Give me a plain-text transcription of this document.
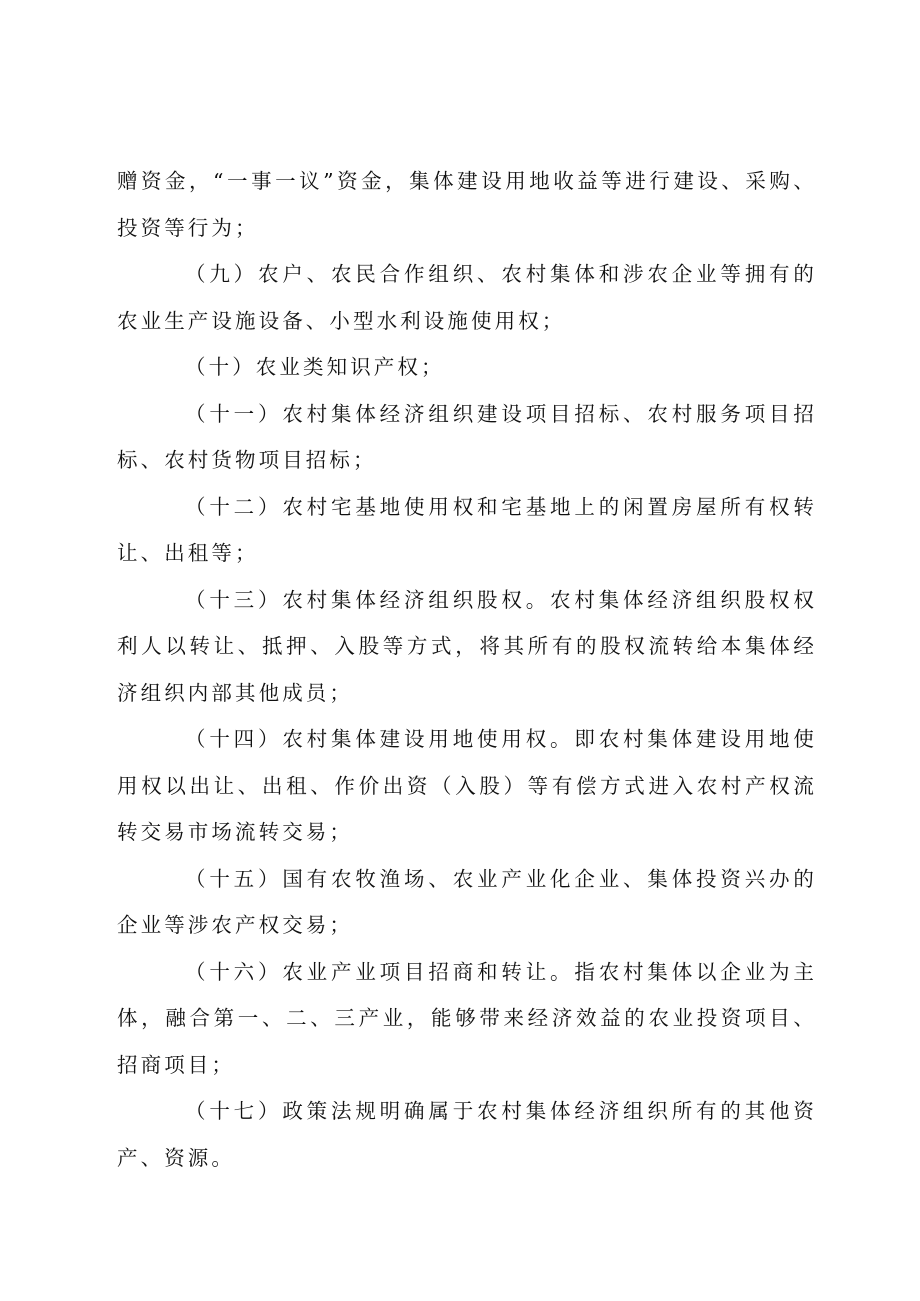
赠资金，“一事一议”资金，集体建设用地收益等进行建设、采购、投资等行为；

（九）农户、农民合作组织、农村集体和涉农企业等拥有的农业生产设施设备、小型水利设施使用权；

（十）农业类知识产权；

（十一）农村集体经济组织建设项目招标、农村服务项目招标、农村货物项目招标；

（十二）农村宅基地使用权和宅基地上的闲置房屋所有权转让、出租等；

（十三）农村集体经济组织股权。农村集体经济组织股权权利人以转让、抵押、入股等方式，将其所有的股权流转给本集体经济组织内部其他成员；

（十四）农村集体建设用地使用权。即农村集体建设用地使用权以出让、出租、作价出资（入股）等有偿方式进入农村产权流转交易市场流转交易；

（十五）国有农牧渔场、农业产业化企业、集体投资兴办的企业等涉农产权交易；

（十六）农业产业项目招商和转让。指农村集体以企业为主体，融合第一、二、三产业，能够带来经济效益的农业投资项目、招商项目；

（十七）政策法规明确属于农村集体经济组织所有的其他资产、资源。
